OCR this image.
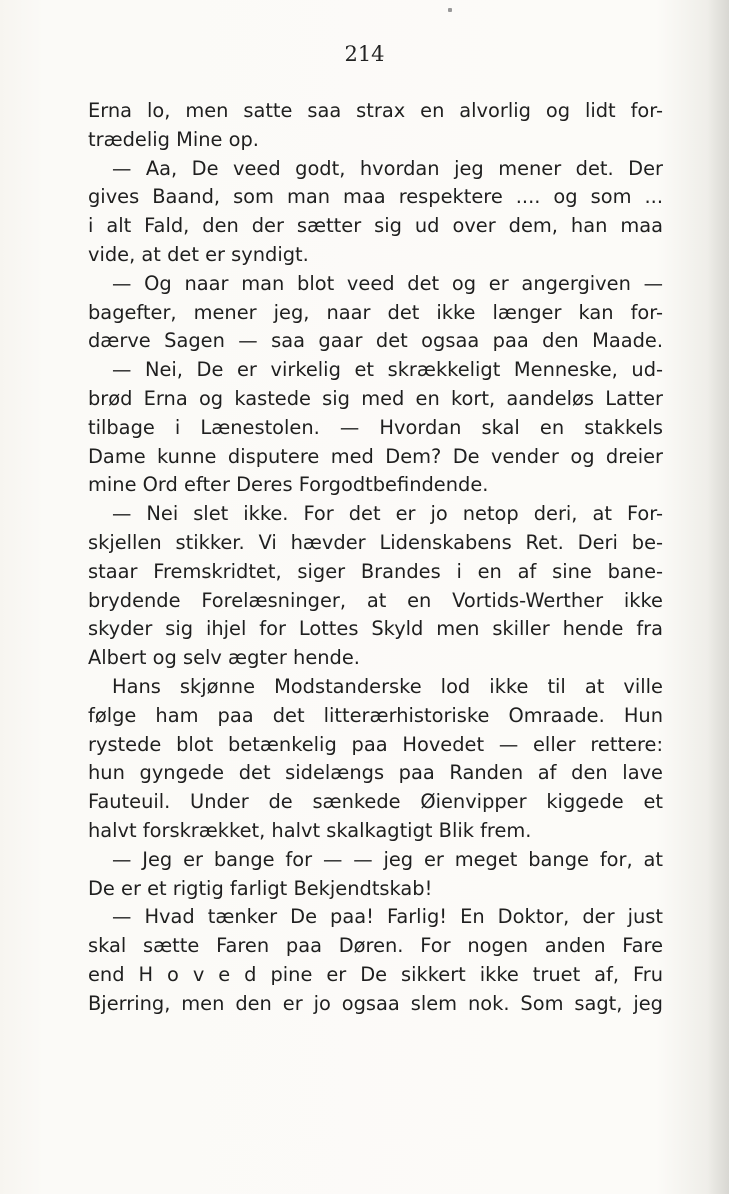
214
Erna lo, men satte saa strax en alvorlig og lidt for-
trædelig Mine op.
— Aa, De veed godt, hvordan jeg mener det. Der
gives Baand, som man maa respektere .... og som ...
i alt Fald, den der sætter sig ud over dem, han maa
vide, at det er syndigt.
— Og naar man blot veed det og er angergiven —
bagefter, mener jeg, naar det ikke længer kan for-
dærve Sagen — saa gaar det ogsaa paa den Maade.
— Nei, De er virkelig et skrækkeligt Menneske, ud-
brød Erna og kastede sig med en kort, aandeløs Latter
tilbage i Lænestolen. — Hvordan skal en stakkels
Dame kunne disputere med Dem? De vender og dreier
mine Ord efter Deres Forgodtbefindende.
— Nei slet ikke. For det er jo netop deri, at For-
skjellen stikker. Vi hævder Lidenskabens Ret. Deri be-
staar Fremskridtet, siger Brandes i en af sine bane-
brydende Forelæsninger, at en Vortids-Werther ikke
skyder sig ihjel for Lottes Skyld men skiller hende fra
Albert og selv ægter hende.
Hans skjønne Modstanderske lod ikke til at ville
følge ham paa det litterærhistoriske Omraade. Hun
rystede blot betænkelig paa Hovedet — eller rettere:
hun gyngede det sidelængs paa Randen af den lave
Fauteuil. Under de sænkede Øienvipper kiggede et
halvt forskrækket, halvt skalkagtigt Blik frem.
— Jeg er bange for — — jeg er meget bange for, at
De er et rigtig farligt Bekjendtskab!
— Hvad tænker De paa! Farlig! En Doktor, der just
skal sætte Faren paa Døren. For nogen anden Fare
end H o v e d pine er De sikkert ikke truet af, Fru
Bjerring, men den er jo ogsaa slem nok. Som sagt, jeg
